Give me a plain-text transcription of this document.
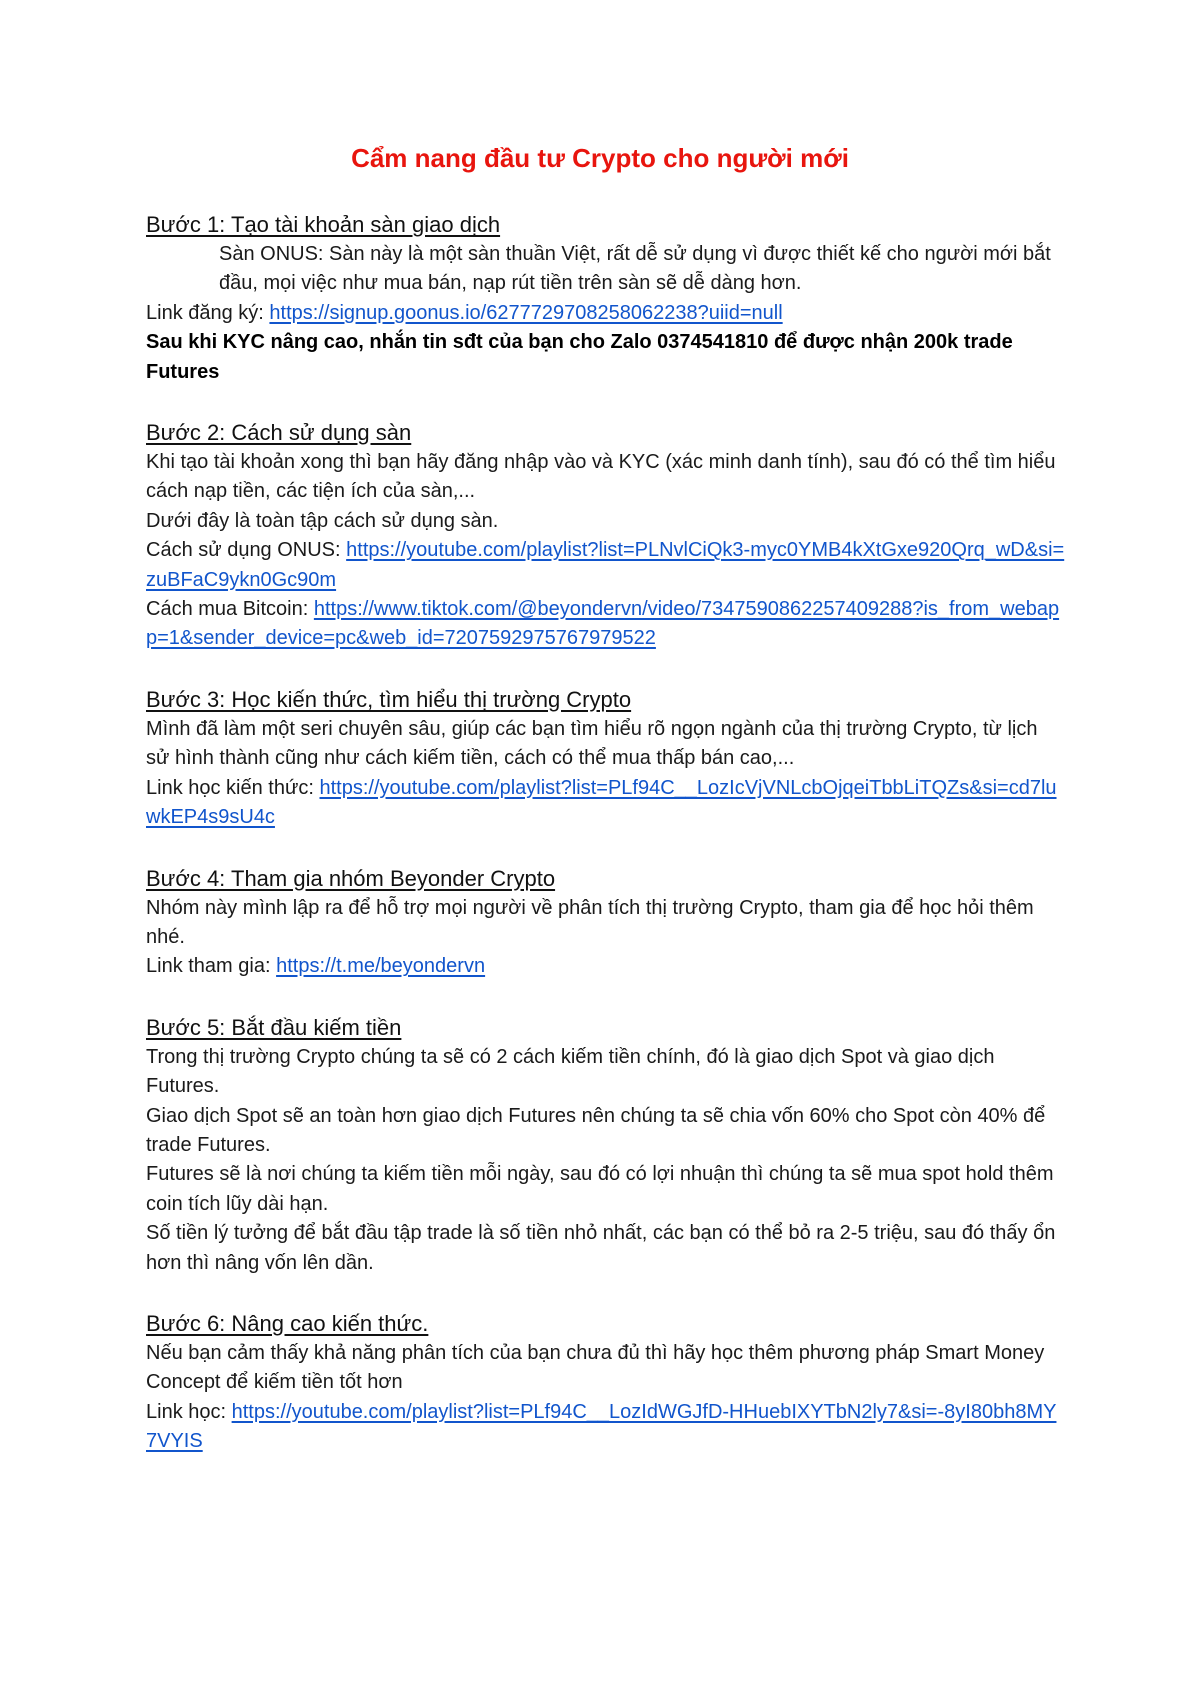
Cẩm nang đầu tư Crypto cho người mới
Bước 1: Tạo tài khoản sàn giao dịch

Sàn ONUS: Sàn này là một sàn thuần Việt, rất dễ sử dụng vì được thiết kế cho người mới bắt đầu, mọi việc như mua bán, nạp rút tiền trên sàn sẽ dễ dàng hơn.

Link đăng ký: https://signup.goonus.io/6277729708258062238?uiid=null

Sau khi KYC nâng cao, nhắn tin sđt của bạn cho Zalo 0374541810 để được nhận 200k trade Futures

Bước 2: Cách sử dụng sàn

Khi tạo tài khoản xong thì bạn hãy đăng nhập vào và KYC (xác minh danh tính), sau đó có thể tìm hiểu cách nạp tiền, các tiện ích của sàn,...

Dưới đây là toàn tập cách sử dụng sàn.

Cách sử dụng ONUS: https://youtube.com/playlist?list=PLNvlCiQk3-myc0YMB4kXtGxe920Qrq_wD&si=zuBFaC9ykn0Gc90m

Cách mua Bitcoin: https://www.tiktok.com/@beyondervn/video/7347590862257409288?is_from_webapp=1&sender_device=pc&web_id=7207592975767979522

Bước 3: Học kiến thức, tìm hiểu thị trường Crypto

Mình đã làm một seri chuyên sâu, giúp các bạn tìm hiểu rõ ngọn ngành của thị trường Crypto, từ lịch sử hình thành cũng như cách kiếm tiền, cách có thể mua thấp bán cao,...

Link học kiến thức: https://youtube.com/playlist?list=PLf94C__LozIcVjVNLcbOjqeiTbbLiTQZs&si=cd7luwkEP4s9sU4c

Bước 4: Tham gia nhóm Beyonder Crypto

Nhóm này mình lập ra để hỗ trợ mọi người về phân tích thị trường Crypto, tham gia để học hỏi thêm nhé.

Link tham gia: https://t.me/beyondervn

Bước 5: Bắt đầu kiếm tiền

Trong thị trường Crypto chúng ta sẽ có 2 cách kiếm tiền chính, đó là giao dịch Spot và giao dịch Futures.

Giao dịch Spot sẽ an toàn hơn giao dịch Futures nên chúng ta sẽ chia vốn 60% cho Spot còn 40% để trade Futures.

Futures sẽ là nơi chúng ta kiếm tiền mỗi ngày, sau đó có lợi nhuận thì chúng ta sẽ mua spot hold thêm coin tích lũy dài hạn.

Số tiền lý tưởng để bắt đầu tập trade là số tiền nhỏ nhất, các bạn có thể bỏ ra 2-5 triệu, sau đó thấy ổn hơn thì nâng vốn lên dần.

Bước 6: Nâng cao kiến thức.

Nếu bạn cảm thấy khả năng phân tích của bạn chưa đủ thì hãy học thêm phương pháp Smart Money Concept để kiếm tiền tốt hơn

Link học: https://youtube.com/playlist?list=PLf94C__LozIdWGJfD-HHuebIXYTbN2ly7&si=-8yI80bh8MY7VYIS
